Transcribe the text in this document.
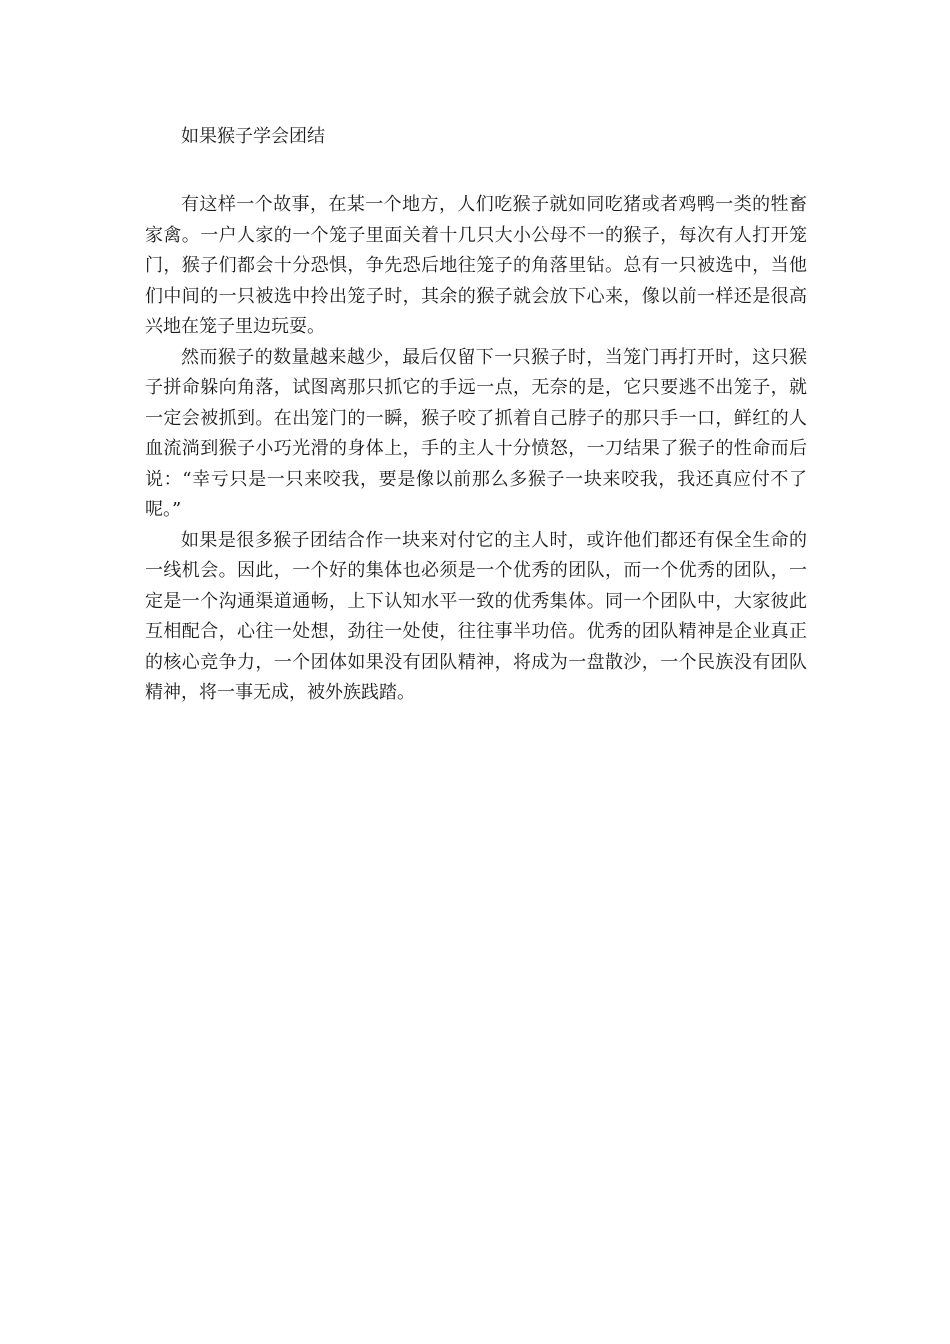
如果猴子学会团结

有这样一个故事，在某一个地方，人们吃猴子就如同吃猪或者鸡鸭一类的牲畜家禽。一户人家的一个笼子里面关着十几只大小公母不一的猴子，每次有人打开笼门，猴子们都会十分恐惧，争先恐后地往笼子的角落里钻。总有一只被选中，当他们中间的一只被选中拎出笼子时，其余的猴子就会放下心来，像以前一样还是很高兴地在笼子里边玩耍。

然而猴子的数量越来越少，最后仅留下一只猴子时，当笼门再打开时，这只猴子拼命躲向角落，试图离那只抓它的手远一点，无奈的是，它只要逃不出笼子，就一定会被抓到。在出笼门的一瞬，猴子咬了抓着自己脖子的那只手一口，鲜红的人血流淌到猴子小巧光滑的身体上，手的主人十分愤怒，一刀结果了猴子的性命而后说：“幸亏只是一只来咬我，要是像以前那么多猴子一块来咬我，我还真应付不了呢。”

如果是很多猴子团结合作一块来对付它的主人时，或许他们都还有保全生命的一线机会。因此，一个好的集体也必须是一个优秀的团队，而一个优秀的团队，一定是一个沟通渠道通畅，上下认知水平一致的优秀集体。同一个团队中，大家彼此互相配合，心往一处想，劲往一处使，往往事半功倍。优秀的团队精神是企业真正的核心竞争力，一个团体如果没有团队精神，将成为一盘散沙，一个民族没有团队精神，将一事无成，被外族践踏。
